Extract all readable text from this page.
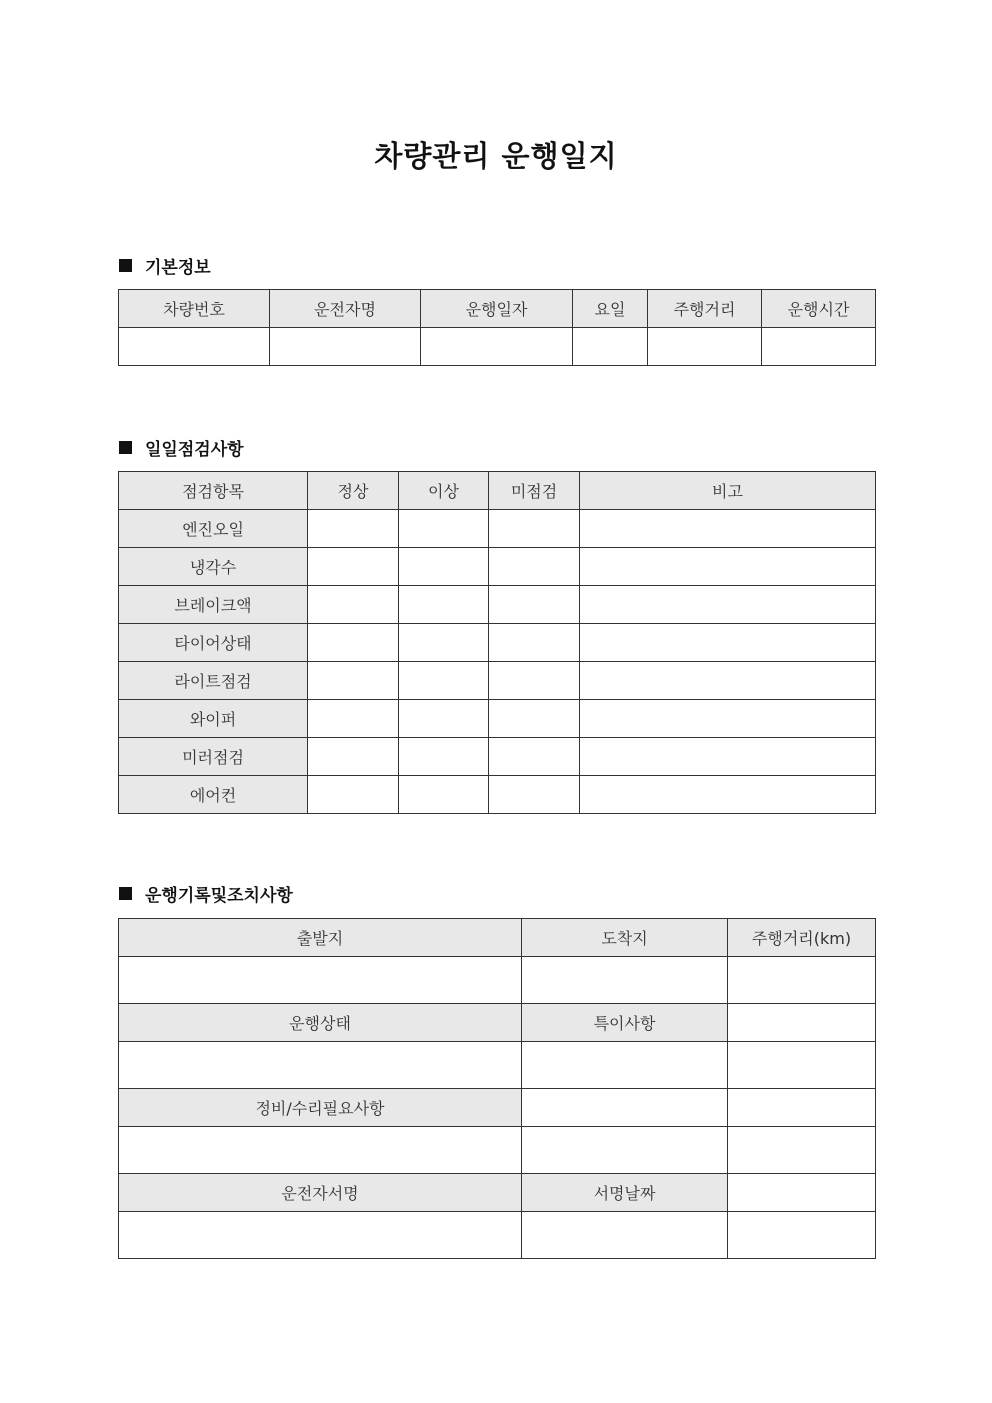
차량관리 운행일지
기본정보
차량번호	운전자명	운행일자	요일	주행거리	운행시간

일일점검사항
점검항목	정상	이상	미점검	비고
엔진오일				
냉각수				
브레이크액				
타이어상태				
라이트점검				
와이퍼				
미러점검				
에어컨				
운행기록및조치사항
출발지	도착지	주행거리(km)

운행상태	특이사항	

정비/수리필요사항		

운전자서명	서명날짜	
